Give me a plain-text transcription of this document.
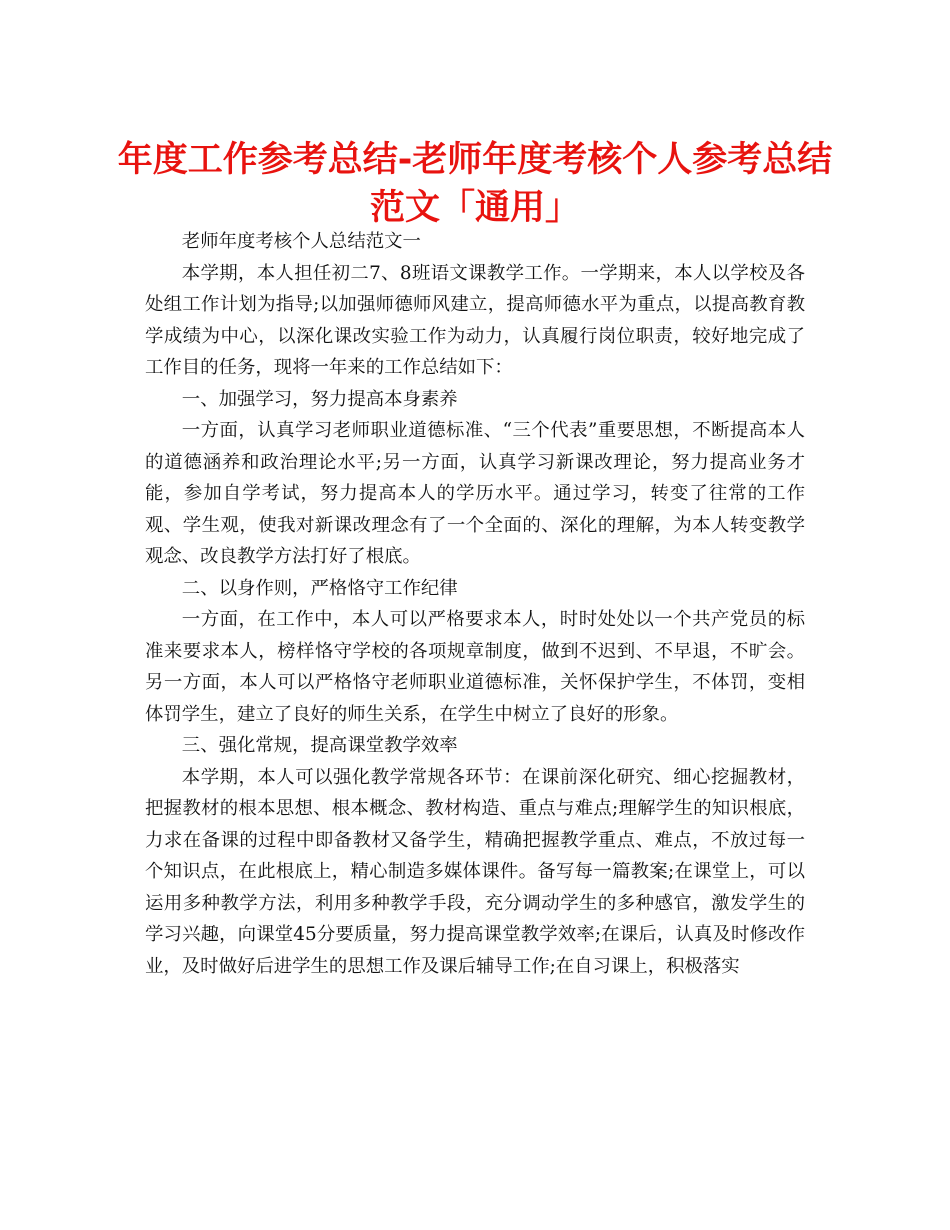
年度工作参考总结-老师年度考核个人参考总结范文「通用」

老师年度考核个人总结范文一

本学期，本人担任初二7、8班语文课教学工作。一学期来，本人以学校及各处组工作计划为指导;以加强师德师风建立，提高师德水平为重点，以提高教育教学成绩为中心，以深化课改实验工作为动力，认真履行岗位职责，较好地完成了工作目的任务，现将一年来的工作总结如下：

一、加强学习，努力提高本身素养

一方面，认真学习老师职业道德标准、“三个代表”重要思想，不断提高本人的道德涵养和政治理论水平;另一方面，认真学习新课改理论，努力提高业务才能，参加自学考试，努力提高本人的学历水平。通过学习，转变了往常的工作观、学生观，使我对新课改理念有了一个全面的、深化的理解，为本人转变教学观念、改良教学方法打好了根底。

二、以身作则，严格恪守工作纪律

一方面，在工作中，本人可以严格要求本人，时时处处以一个共产党员的标准来要求本人，榜样恪守学校的各项规章制度，做到不迟到、不早退，不旷会。另一方面，本人可以严格恪守老师职业道德标准，关怀保护学生，不体罚，变相体罚学生，建立了良好的师生关系，在学生中树立了良好的形象。

三、强化常规，提高课堂教学效率

本学期，本人可以强化教学常规各环节：在课前深化研究、细心挖掘教材，把握教材的根本思想、根本概念、教材构造、重点与难点;理解学生的知识根底，力求在备课的过程中即备教材又备学生，精确把握教学重点、难点，不放过每一个知识点，在此根底上，精心制造多媒体课件。备写每一篇教案;在课堂上，可以运用多种教学方法，利用多种教学手段，充分调动学生的多种感官，激发学生的学习兴趣，向课堂45分要质量，努力提高课堂教学效率;在课后，认真及时修改作业，及时做好后进学生的思想工作及课后辅导工作;在自习课上，积极落实
